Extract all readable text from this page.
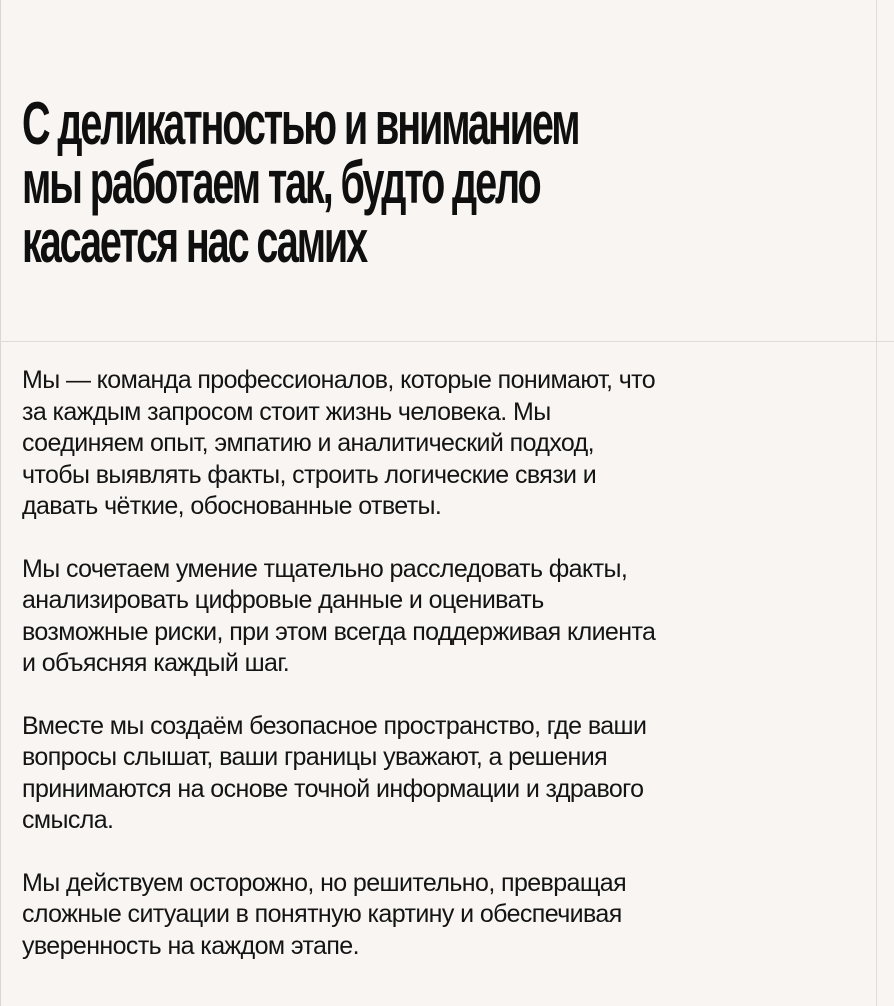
С деликатностью и вниманием
мы работаем так, будто дело
касается нас самих

Мы — команда профессионалов, которые понимают, что
за каждым запросом стоит жизнь человека. Мы
соединяем опыт, эмпатию и аналитический подход,
чтобы выявлять факты, строить логические связи и
давать чёткие, обоснованные ответы.

Мы сочетаем умение тщательно расследовать факты,
анализировать цифровые данные и оценивать
возможные риски, при этом всегда поддерживая клиента
и объясняя каждый шаг.

Вместе мы создаём безопасное пространство, где ваши
вопросы слышат, ваши границы уважают, а решения
принимаются на основе точной информации и здравого
смысла.

Мы действуем осторожно, но решительно, превращая
сложные ситуации в понятную картину и обеспечивая
уверенность на каждом этапе.
